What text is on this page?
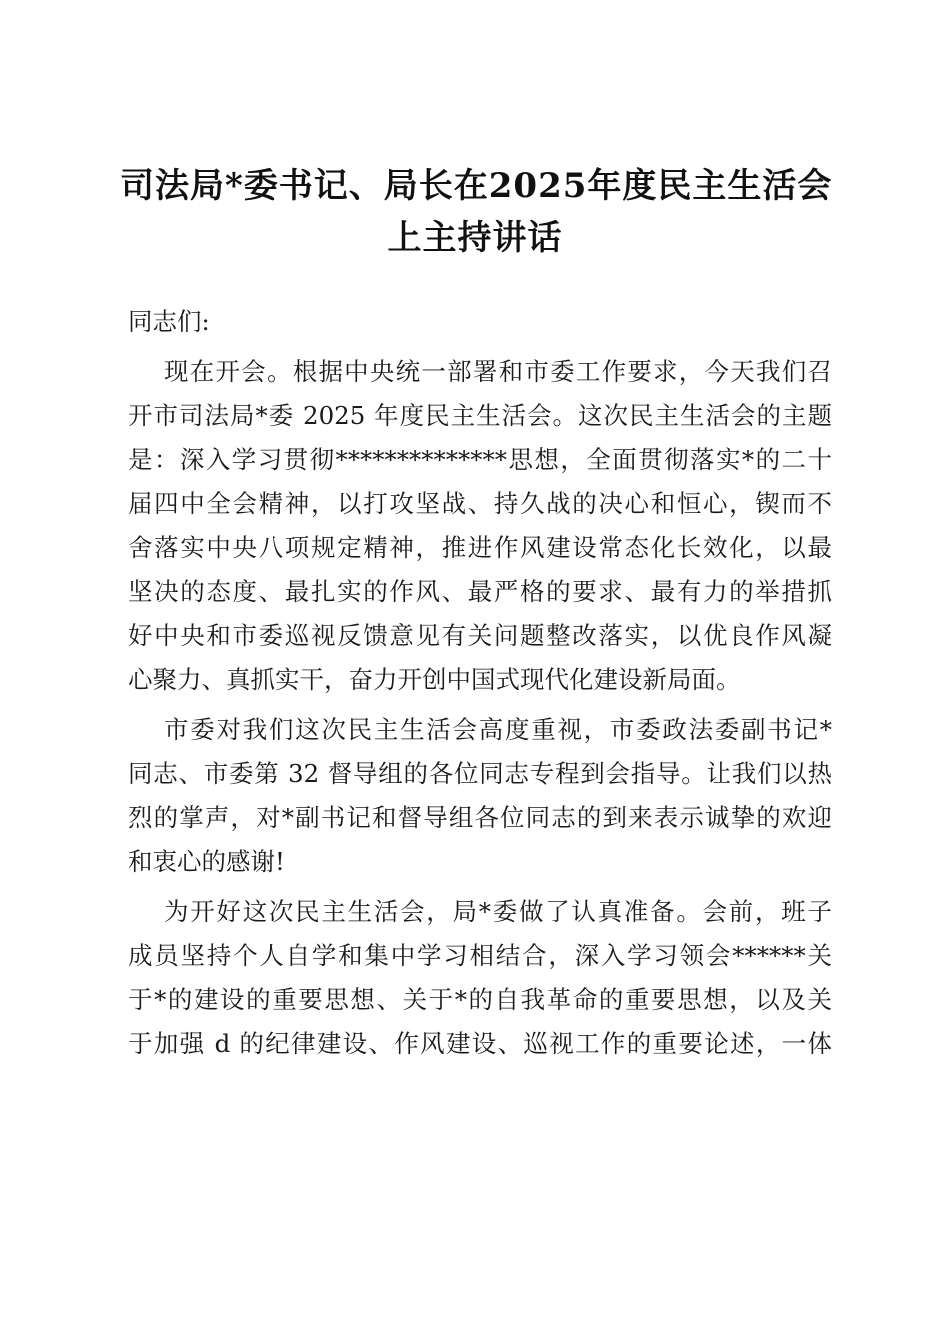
司法局*委书记、局长在2025年度民主生活会
上主持讲话

同志们:

现在开会。根据中央统一部署和市委工作要求，今天我们召
开市司法局*委 2025 年度民主生活会。这次民主生活会的主题
是：深入学习贯彻**************思想，全面贯彻落实*的二十
届四中全会精神，以打攻坚战、持久战的决心和恒心，锲而不
舍落实中央八项规定精神，推进作风建设常态化长效化，以最
坚决的态度、最扎实的作风、最严格的要求、最有力的举措抓
好中央和市委巡视反馈意见有关问题整改落实，以优良作风凝
心聚力、真抓实干，奋力开创中国式现代化建设新局面。

市委对我们这次民主生活会高度重视，市委政法委副书记*
同志、市委第 32 督导组的各位同志专程到会指导。让我们以热
烈的掌声，对*副书记和督导组各位同志的到来表示诚挚的欢迎
和衷心的感谢!

为开好这次民主生活会，局*委做了认真准备。会前，班子
成员坚持个人自学和集中学习相结合，深入学习领会******关
于*的建设的重要思想、关于*的自我革命的重要思想，以及关
于加强 d 的纪律建设、作风建设、巡视工作的重要论述，一体
